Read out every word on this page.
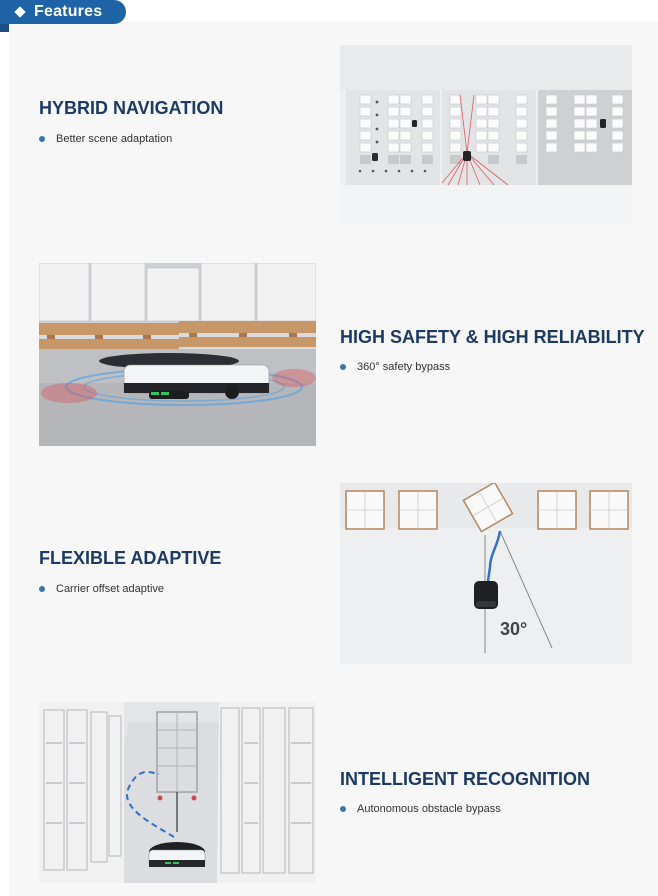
Features
HYBRID NAVIGATION
Better scene adaptation
HIGH SAFETY & HIGH RELIABILITY
360° safety bypass
FLEXIBLE ADAPTIVE
Carrier offset adaptive
30°
INTELLIGENT RECOGNITION
Autonomous obstacle bypass
